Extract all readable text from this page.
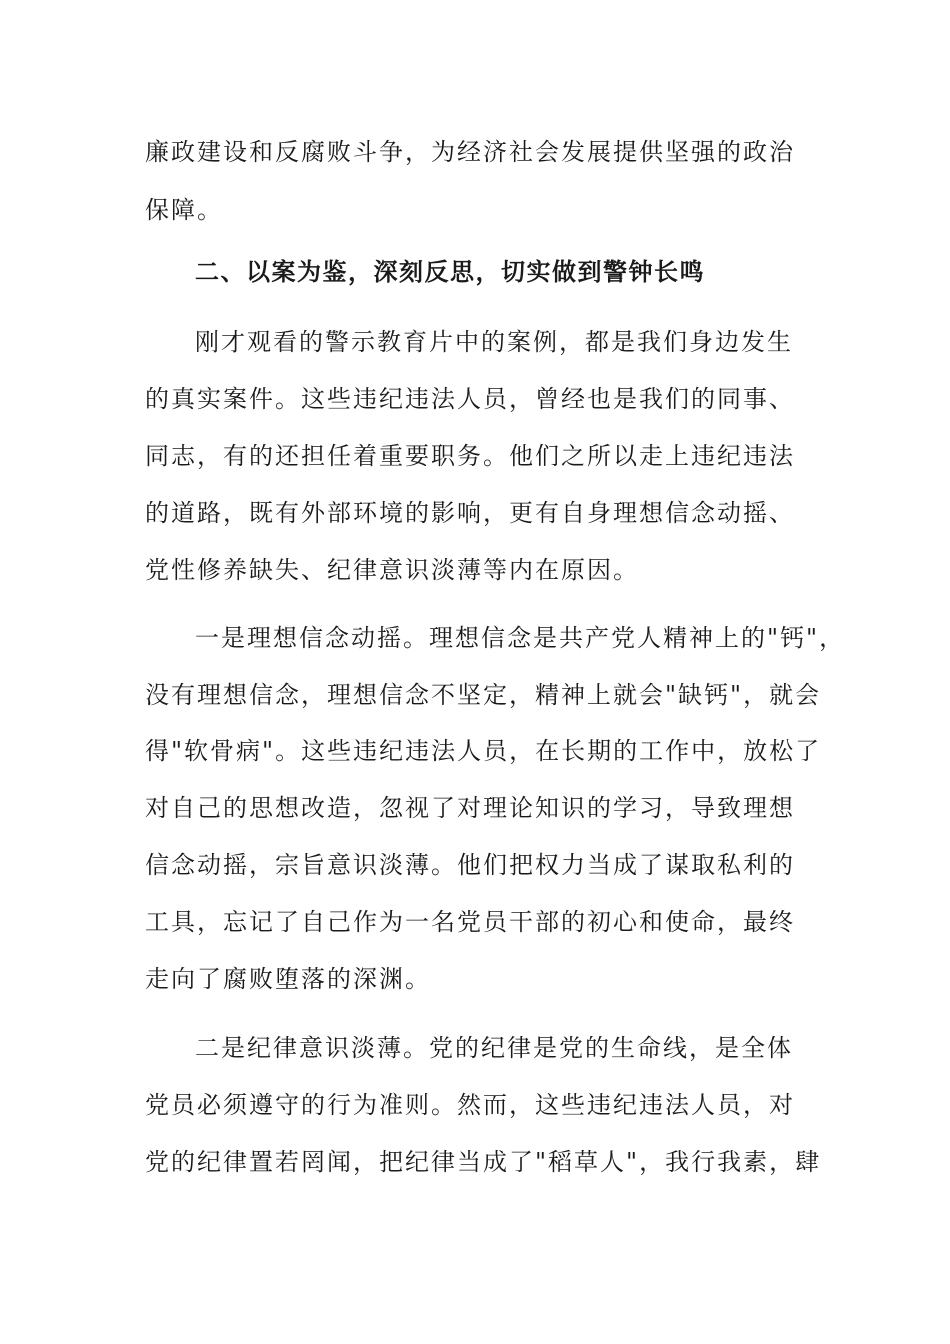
廉政建设和反腐败斗争，为经济社会发展提供坚强的政治
保障。
二、以案为鉴，深刻反思，切实做到警钟长鸣
刚才观看的警示教育片中的案例，都是我们身边发生
的真实案件。这些违纪违法人员，曾经也是我们的同事、
同志，有的还担任着重要职务。他们之所以走上违纪违法
的道路，既有外部环境的影响，更有自身理想信念动摇、
党性修养缺失、纪律意识淡薄等内在原因。
一是理想信念动摇。理想信念是共产党人精神上的"钙"，
没有理想信念，理想信念不坚定，精神上就会"缺钙"，就会
得"软骨病"。这些违纪违法人员，在长期的工作中，放松了
对自己的思想改造，忽视了对理论知识的学习，导致理想
信念动摇，宗旨意识淡薄。他们把权力当成了谋取私利的
工具，忘记了自己作为一名党员干部的初心和使命，最终
走向了腐败堕落的深渊。
二是纪律意识淡薄。党的纪律是党的生命线，是全体
党员必须遵守的行为准则。然而，这些违纪违法人员，对
党的纪律置若罔闻，把纪律当成了"稻草人"，我行我素，肆
